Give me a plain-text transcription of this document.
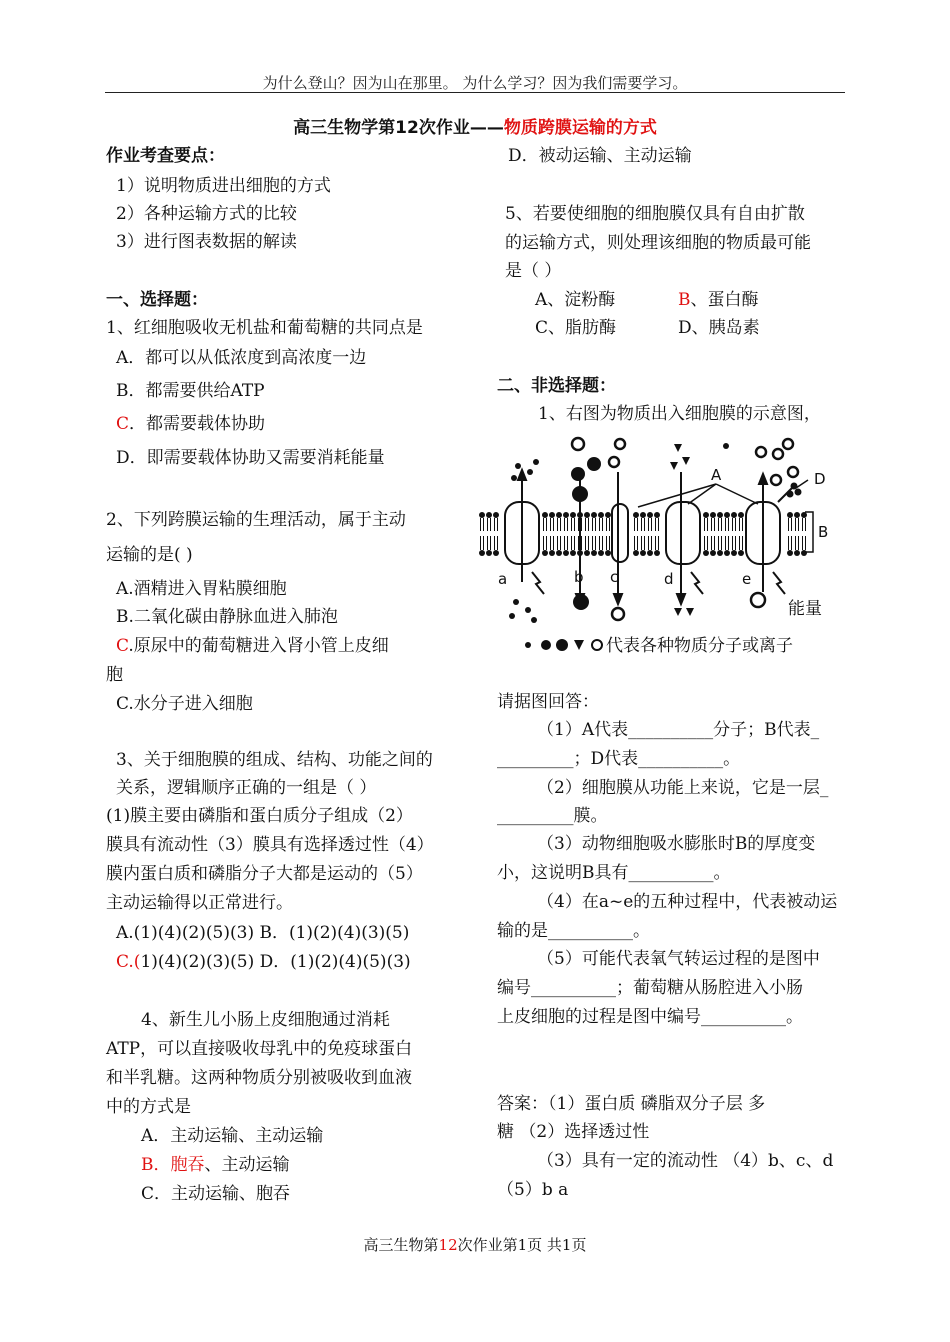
为什么登山？因为山在那里。 为什么学习？因为我们需要学习。
高三生物学第12次作业——物质跨膜运输的方式
作业考查要点：
1）说明物质进出细胞的方式
2）各种运输方式的比较
3）进行图表数据的解读
一、选择题：
1、红细胞吸收无机盐和葡萄糖的共同点是
A．都可以从低浓度到高浓度一边
B．都需要供给ATP
C．都需要载体协助
D．即需要载体协助又需要消耗能量
2、下列跨膜运输的生理活动，属于主动
运输的是( )
A.酒精进入胃粘膜细胞
B.二氧化碳由静脉血进入肺泡
C.原尿中的葡萄糖进入肾小管上皮细
胞
C.水分子进入细胞
3、关于细胞膜的组成、结构、功能之间的
关系，逻辑顺序正确的一组是（ ）
(1)膜主要由磷脂和蛋白质分子组成（2）
膜具有流动性（3）膜具有选择透过性（4）
膜内蛋白质和磷脂分子大都是运动的（5）
主动运输得以正常进行。
A.(1)(4)(2)(5)(3) B．(1)(2)(4)(3)(5)
C.(1)(4)(2)(3)(5) D．(1)(2)(4)(5)(3)
4、新生儿小肠上皮细胞通过消耗
ATP，可以直接吸收母乳中的免疫球蛋白
和半乳糖。这两种物质分别被吸收到血液
中的方式是
A．主动运输、主动运输
B．胞吞、主动运输
C．主动运输、胞吞
D．被动运输、主动运输
5、若要使细胞的细胞膜仅具有自由扩散
的运输方式，则处理该细胞的物质最可能
是（ ）
A、淀粉酶	B、蛋白酶
C、脂肪酶	D、胰岛素
二、非选择题：
1、右图为物质出入细胞膜的示意图，
A
B
D
a	b c	d	e
能量
代表各种物质分子或离子
请据图回答：
（1）A代表__________分子；B代表_
_________；D代表__________。
（2）细胞膜从功能上来说，它是一层_
_________膜。
（3）动物细胞吸水膨胀时B的厚度变
小，这说明B具有__________。
（4）在a~e的五种过程中，代表被动运
输的是__________。
（5）可能代表氧气转运过程的是图中
编号__________；葡萄糖从肠腔进入小肠
上皮细胞的过程是图中编号__________。
答案：（1）蛋白质 磷脂双分子层 多
糖 （2）选择透过性
（3）具有一定的流动性 （4）b、c、d
（5）b a
高三生物第12次作业第1页 共1页
